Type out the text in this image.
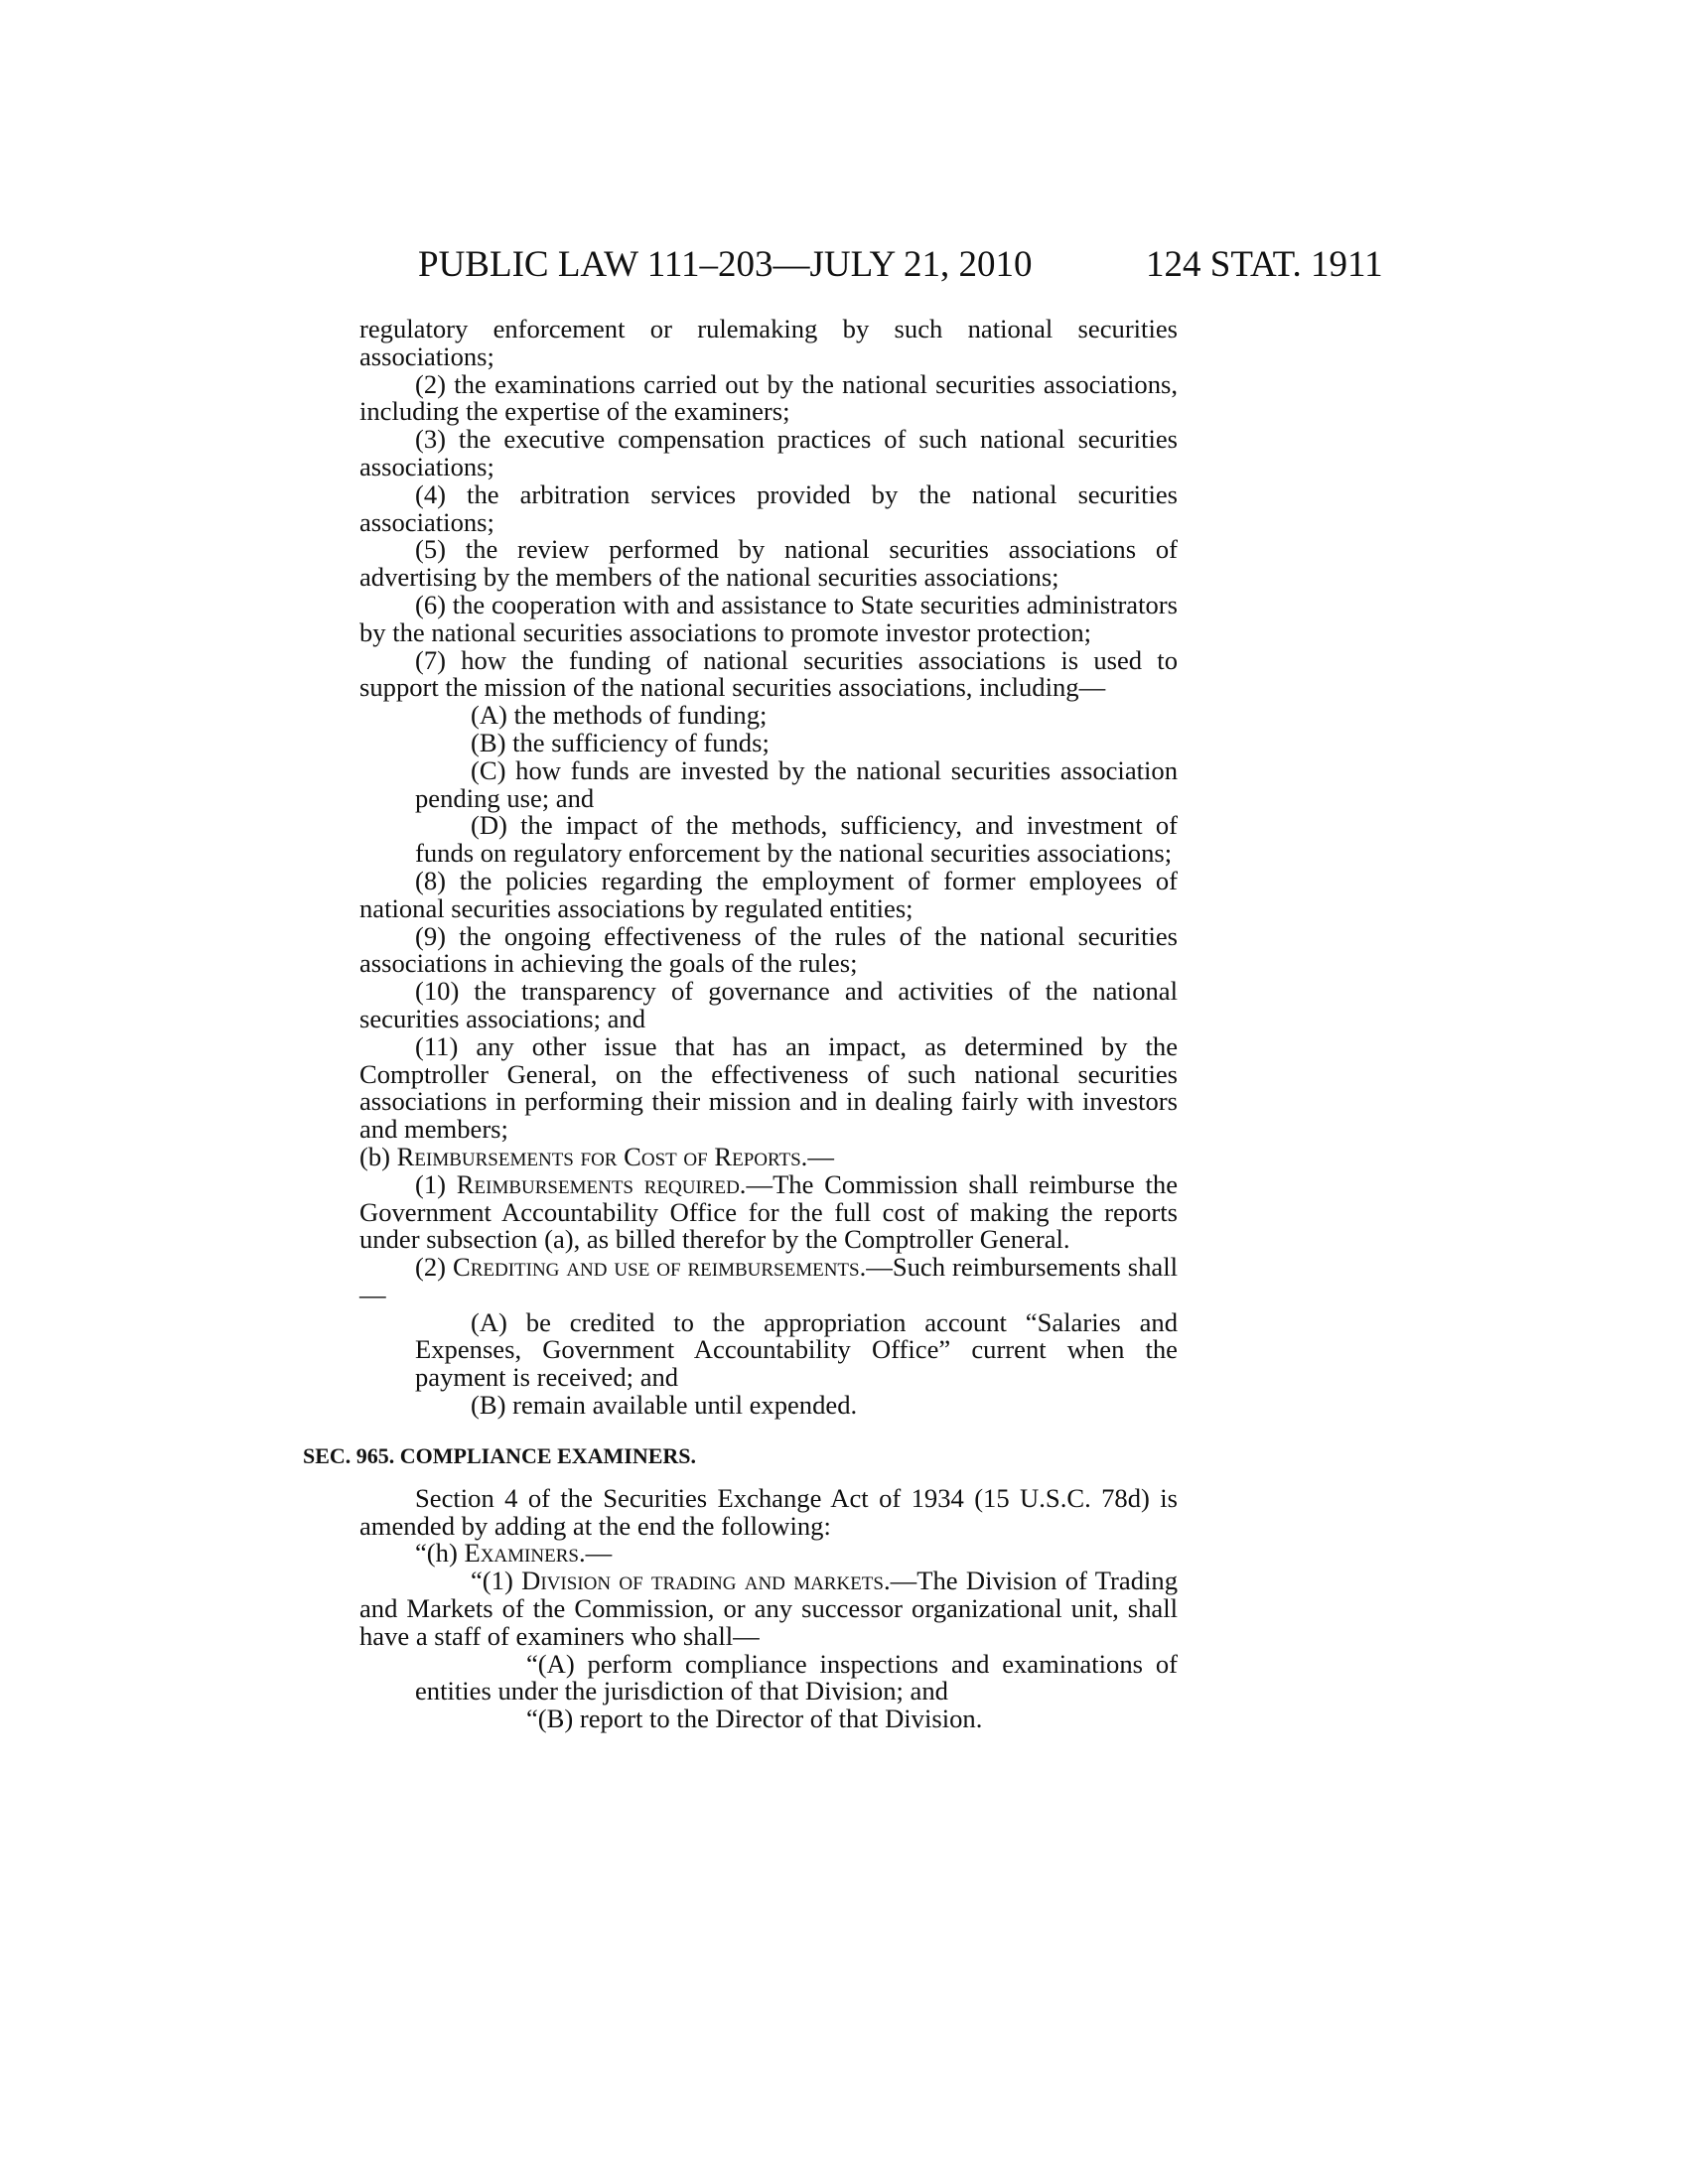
PUBLIC LAW 111–203—JULY 21, 2010	124 STAT. 1911

regulatory enforcement or rulemaking by such national securities associations;

(2) the examinations carried out by the national securities associations, including the expertise of the examiners;

(3) the executive compensation practices of such national securities associations;

(4) the arbitration services provided by the national securities associations;

(5) the review performed by national securities associations of advertising by the members of the national securities associations;

(6) the cooperation with and assistance to State securities administrators by the national securities associations to promote investor protection;

(7) how the funding of national securities associations is used to support the mission of the national securities associations, including—

(A) the methods of funding;

(B) the sufficiency of funds;

(C) how funds are invested by the national securities association pending use; and

(D) the impact of the methods, sufficiency, and investment of funds on regulatory enforcement by the national securities associations;

(8) the policies regarding the employment of former employees of national securities associations by regulated entities;

(9) the ongoing effectiveness of the rules of the national securities associations in achieving the goals of the rules;

(10) the transparency of governance and activities of the national securities associations; and

(11) any other issue that has an impact, as determined by the Comptroller General, on the effectiveness of such national securities associations in performing their mission and in dealing fairly with investors and members;

(b) Reimbursements for Cost of Reports.—

(1) Reimbursements required.—The Commission shall reimburse the Government Accountability Office for the full cost of making the reports under subsection (a), as billed therefor by the Comptroller General.

(2) Crediting and use of reimbursements.—Such reimbursements shall—

(A) be credited to the appropriation account “Salaries and Expenses, Government Accountability Office” current when the payment is received; and

(B) remain available until expended.

SEC. 965. COMPLIANCE EXAMINERS.

Section 4 of the Securities Exchange Act of 1934 (15 U.S.C. 78d) is amended by adding at the end the following:

“(h) Examiners.—

“(1) Division of trading and markets.—The Division of Trading and Markets of the Commission, or any successor organizational unit, shall have a staff of examiners who shall—

“(A) perform compliance inspections and examinations of entities under the jurisdiction of that Division; and

“(B) report to the Director of that Division.
